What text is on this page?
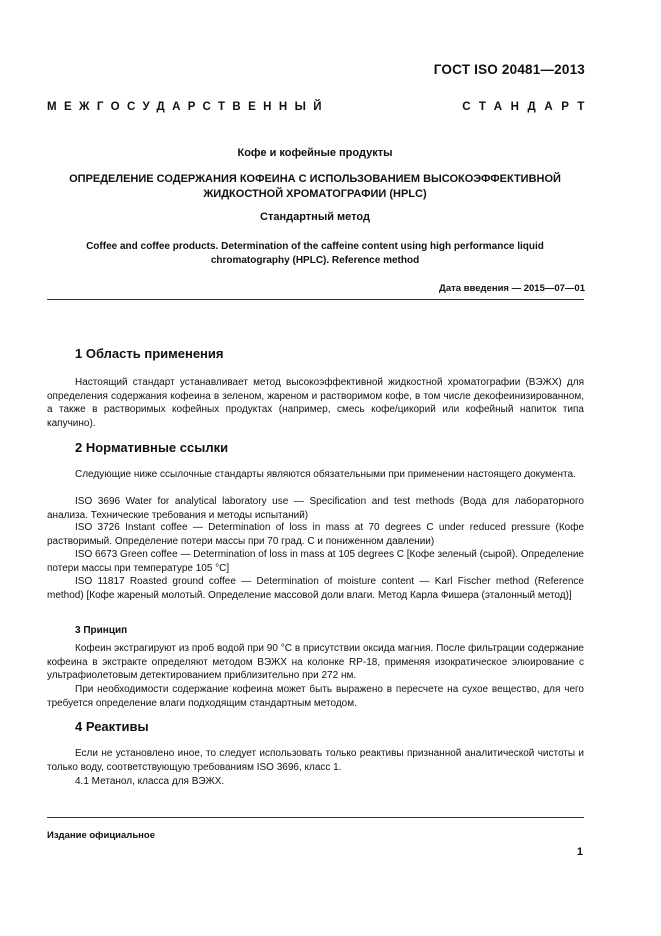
ГОСТ ISO 20481—2013
МЕЖГОСУДАРСТВЕННЫЙ	СТАНДАРТ
Кофе и кофейные продукты
ОПРЕДЕЛЕНИЕ СОДЕРЖАНИЯ КОФЕИНА С ИСПОЛЬЗОВАНИЕМ ВЫСОКОЭФФЕКТИВНОЙ
ЖИДКОСТНОЙ ХРОМАТОГРАФИИ (HPLC)
Стандартный метод
Coffee and coffee products. Determination of the caffeine content using high performance liquid
chromatography (HPLC). Reference method
Дата введения — 2015—07—01
1 Область применения
Настоящий стандарт устанавливает метод высокоэффективной жидкостной хроматографии (ВЭЖХ) для определения содержания кофеина в зеленом, жареном и растворимом кофе, в том числе декофеинизированном, а также в растворимых кофейных продуктах (например, смесь кофе/цикорий или кофейный напиток типа капучино).
2 Нормативные ссылки
Следующие ниже ссылочные стандарты являются обязательными при применении настоящего документа.
ISO 3696 Water for analytical laboratory use — Specification and test methods (Вода для лабораторного анализа. Технические требования и методы испытаний)
ISO 3726 Instant coffee — Determination of loss in mass at 70 degrees C under reduced pressure (Кофе растворимый. Определение потери массы при 70 град. С и пониженном давлении)
ISO 6673 Green coffee — Determination of loss in mass at 105 degrees C [Кофе зеленый (сырой). Определение потери массы при температуре 105 °C]
ISO 11817 Roasted ground coffee — Determination of moisture content — Karl Fischer method (Reference method) [Кофе жареный молотый. Определение массовой доли влаги. Метод Карла Фишера (эталонный метод)]
3 Принцип
Кофеин экстрагируют из проб водой при 90 °C в присутствии оксида магния. После фильтрации содержание кофеина в экстракте определяют методом ВЭЖХ на колонке RP-18, применяя изократическое элюирование с ультрафиолетовым детектированием приблизительно при 272 нм.
При необходимости содержание кофеина может быть выражено в пересчете на сухое вещество, для чего требуется определение влаги подходящим стандартным методом.
4 Реактивы
Если не установлено иное, то следует использовать только реактивы признанной аналитической чистоты и только воду, соответствующую требованиям ISO 3696, класс 1.
4.1 Метанол, класса для ВЭЖХ.
Издание официальное
1
